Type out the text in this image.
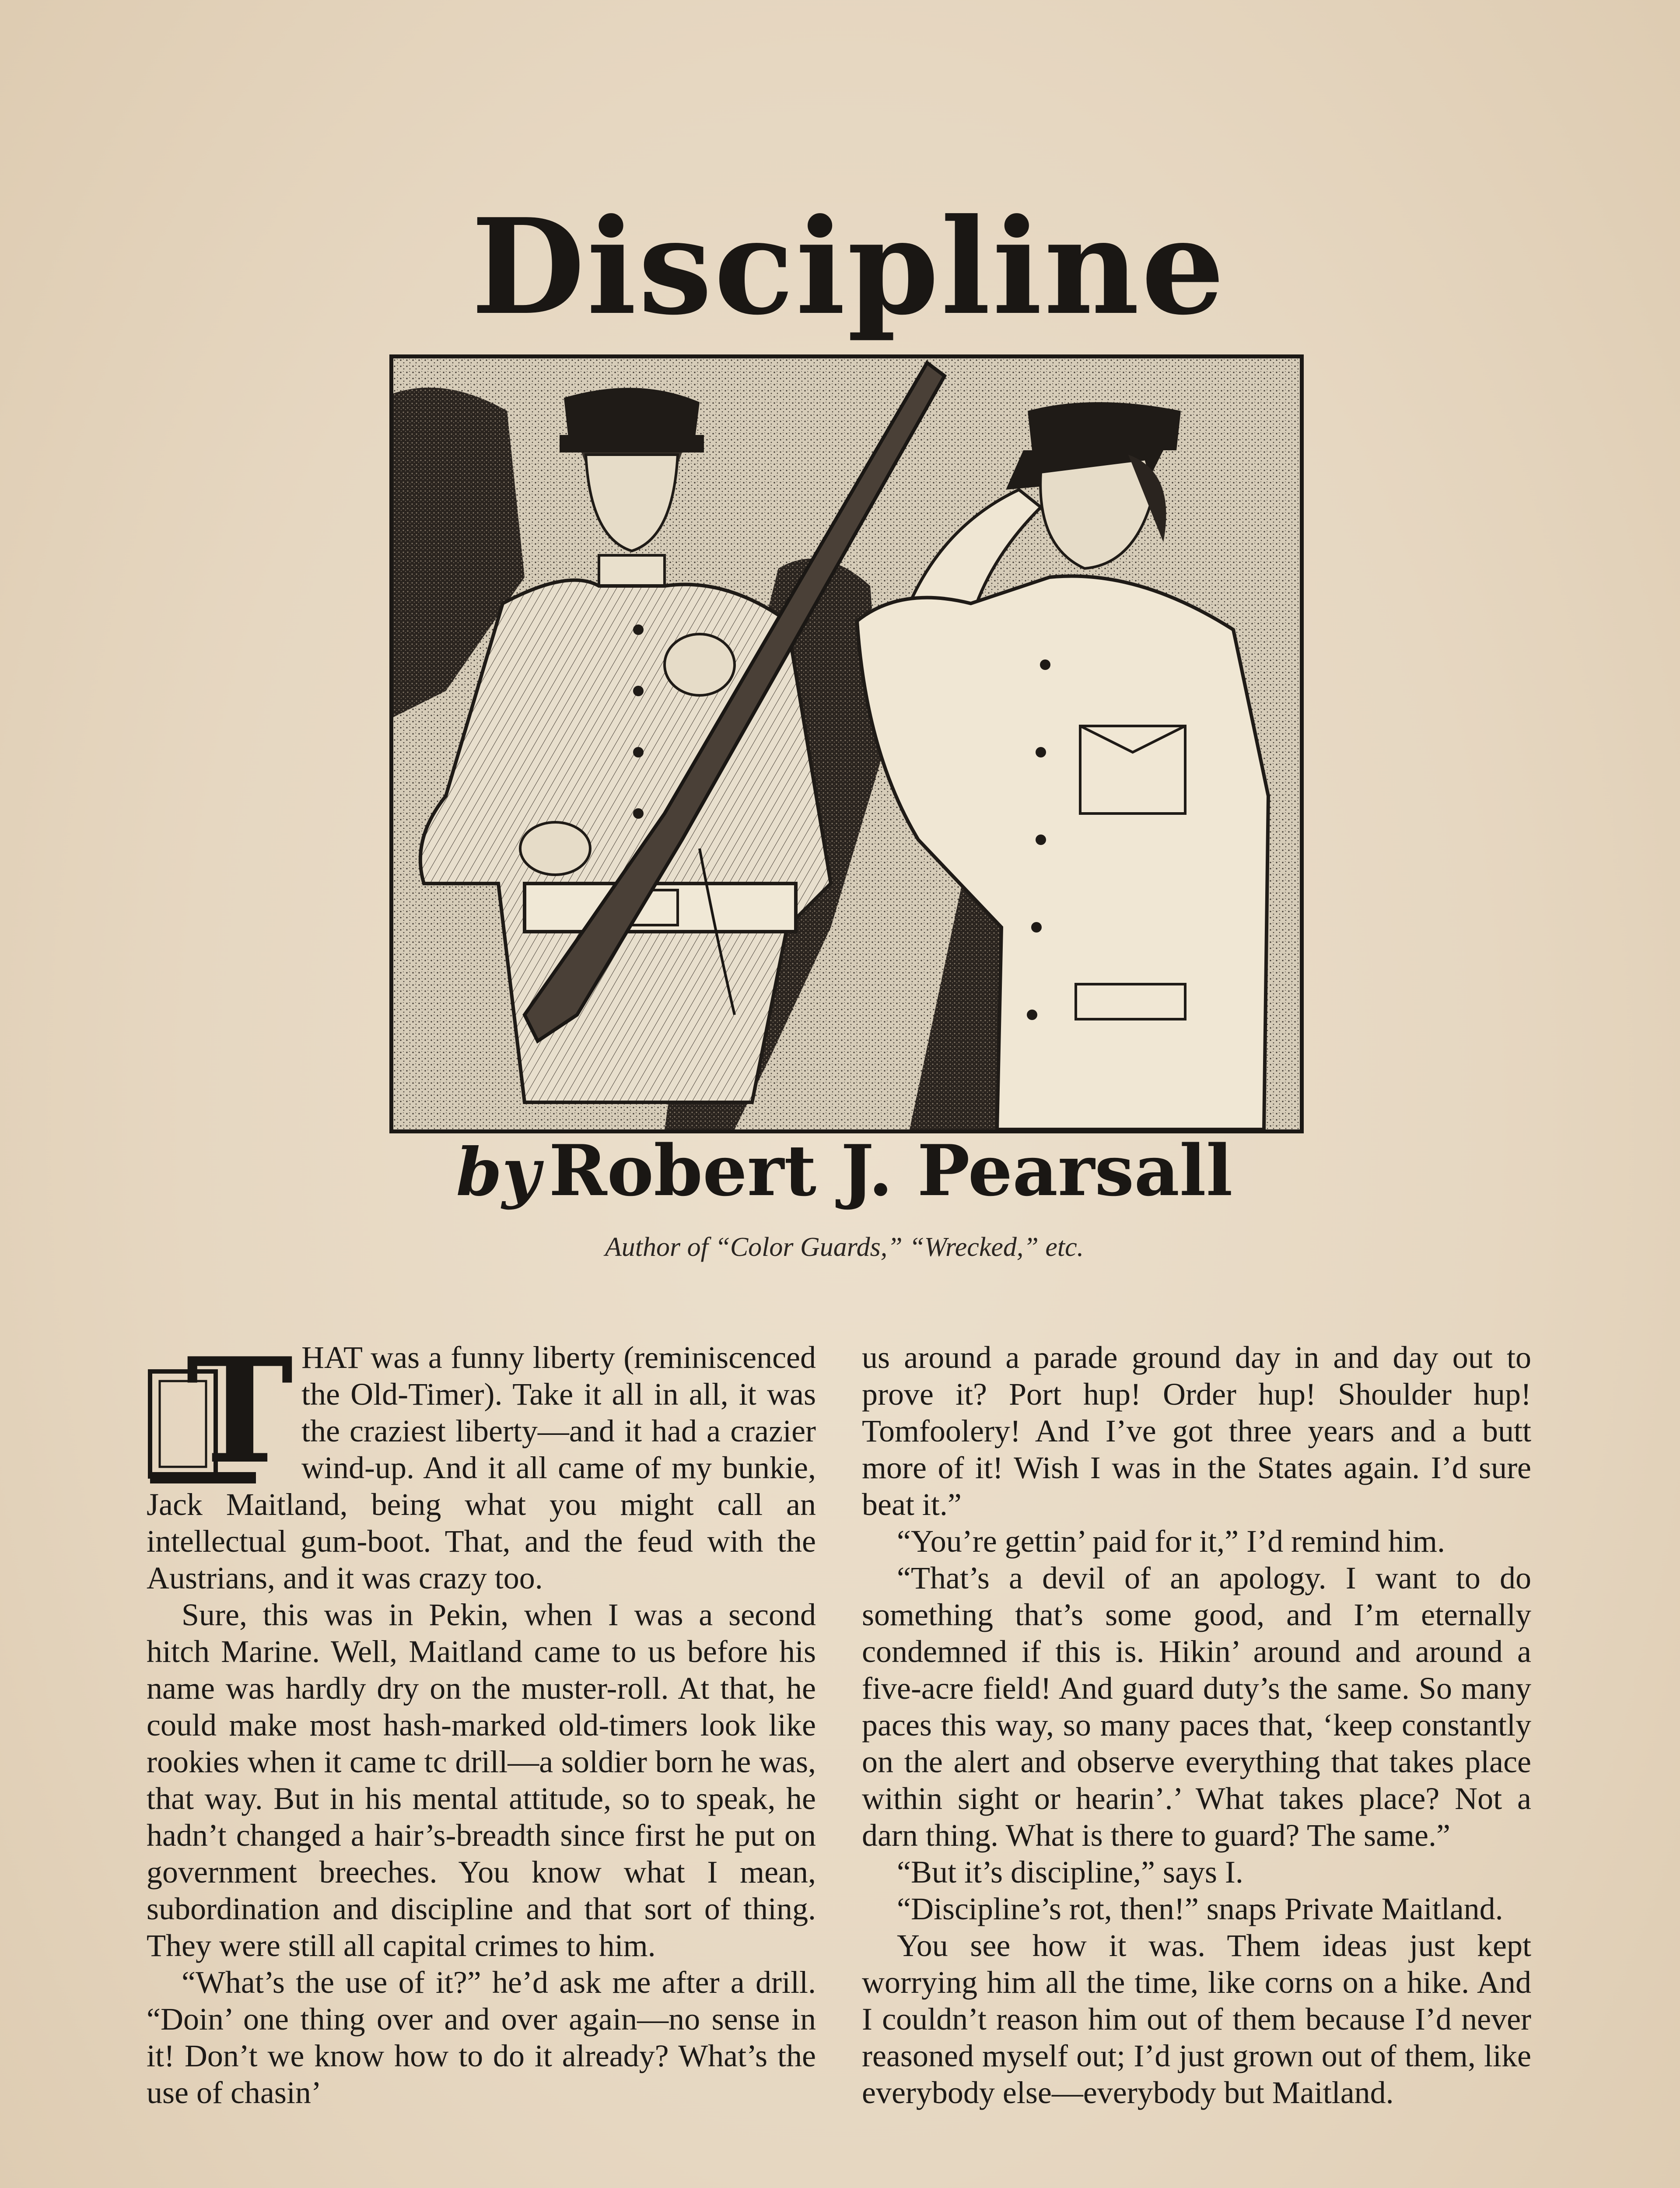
Discipline
by Robert J. Pearsall
Author of “Color Guards,” “Wrecked,” etc.
T HAT was a funny liberty (reminiscenced the Old-Timer). Take it all in all, it was the craziest liberty—and it had a crazier wind-up. And it all came of my bunkie, Jack Maitland, being what you might call an intellectual gum-boot. That, and the feud with the Austrians, and it was crazy too.

Sure, this was in Pekin, when I was a second hitch Marine. Well, Maitland came to us before his name was hardly dry on the muster-roll. At that, he could make most hash-marked old-timers look like rookies when it came tc drill—a soldier born he was, that way. But in his mental attitude, so to speak, he hadn’t changed a hair’s-breadth since first he put on government breeches. You know what I mean, subordination and discipline and that sort of thing. They were still all capital crimes to him.

“What’s the use of it?” he’d ask me after a drill. “Doin’ one thing over and over again—no sense in it! Don’t we know how to do it already? What’s the use of chasin’

us around a parade ground day in and day out to prove it? Port hup! Order hup! Shoulder hup! Tomfoolery! And I’ve got three years and a butt more of it! Wish I was in the States again. I’d sure beat it.”

“You’re gettin’ paid for it,” I’d remind him.

“That’s a devil of an apology. I want to do something that’s some good, and I’m eternally condemned if this is. Hikin’ around and around a five-acre field! And guard duty’s the same. So many paces this way, so many paces that, ‘keep constantly on the alert and observe everything that takes place within sight or hearin’.’ What takes place? Not a darn thing. What is there to guard? The same.”

“But it’s discipline,” says I.

“Discipline’s rot, then!” snaps Private Maitland.

You see how it was. Them ideas just kept worrying him all the time, like corns on a hike. And I couldn’t reason him out of them because I’d never reasoned myself out; I’d just grown out of them, like everybody else—everybody but Maitland.
